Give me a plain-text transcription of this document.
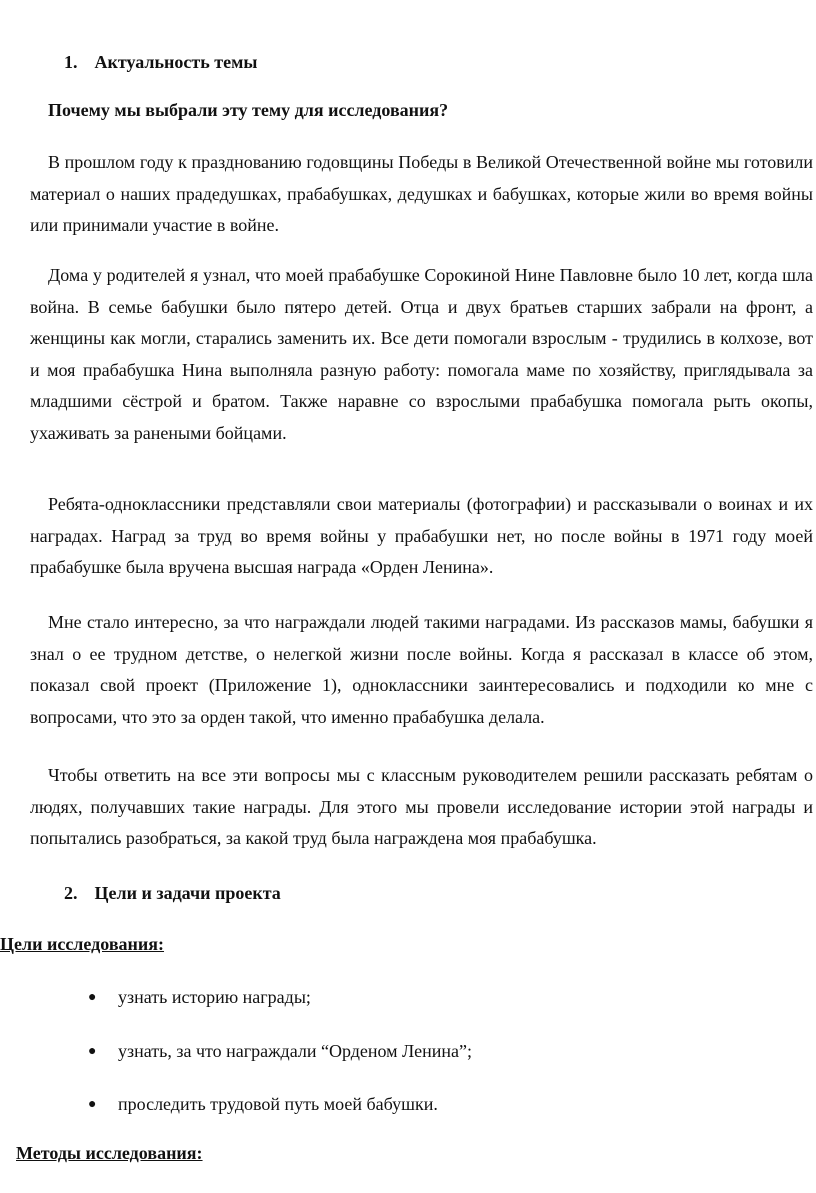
1. Актуальность темы
Почему мы выбрали эту тему для исследования?

В прошлом году к празднованию годовщины Победы в Великой Отечественной войне мы готовили материал о наших прадедушках, прабабушках, дедушках и бабушках, которые жили во время войны или принимали участие в войне.

Дома у родителей я узнал, что моей прабабушке Сорокиной Нине Павловне было 10 лет, когда шла война. В семье бабушки было пятеро детей. Отца и двух братьев старших забрали на фронт, а женщины как могли, старались заменить их. Все дети помогали взрослым - трудились в колхозе, вот и моя прабабушка Нина выполняла разную работу: помогала маме по хозяйству, приглядывала за младшими сёстрой и братом. Также наравне со взрослыми прабабушка помогала рыть окопы, ухаживать за ранеными бойцами.

Ребята-одноклассники представляли свои материалы (фотографии) и рассказывали о воинах и их наградах. Наград за труд во время войны у прабабушки нет, но после войны в 1971 году моей прабабушке была вручена высшая награда «Орден Ленина».

Мне стало интересно, за что награждали людей такими наградами. Из рассказов мамы, бабушки я знал о ее трудном детстве, о нелегкой жизни после войны. Когда я рассказал в классе об этом, показал свой проект (Приложение 1), одноклассники заинтересовались и подходили ко мне с вопросами, что это за орден такой, что именно прабабушка делала.

Чтобы ответить на все эти вопросы мы с классным руководителем решили рассказать ребятам о людях, получавших такие награды. Для этого мы провели исследование истории этой награды и попытались разобраться, за какой труд была награждена моя прабабушка.

2. Цели и задачи проекта
Цели исследования:
● узнать историю награды;
● узнать, за что награждали “Орденом Ленина”;
● проследить трудовой путь моей бабушки.
Методы исследования:
